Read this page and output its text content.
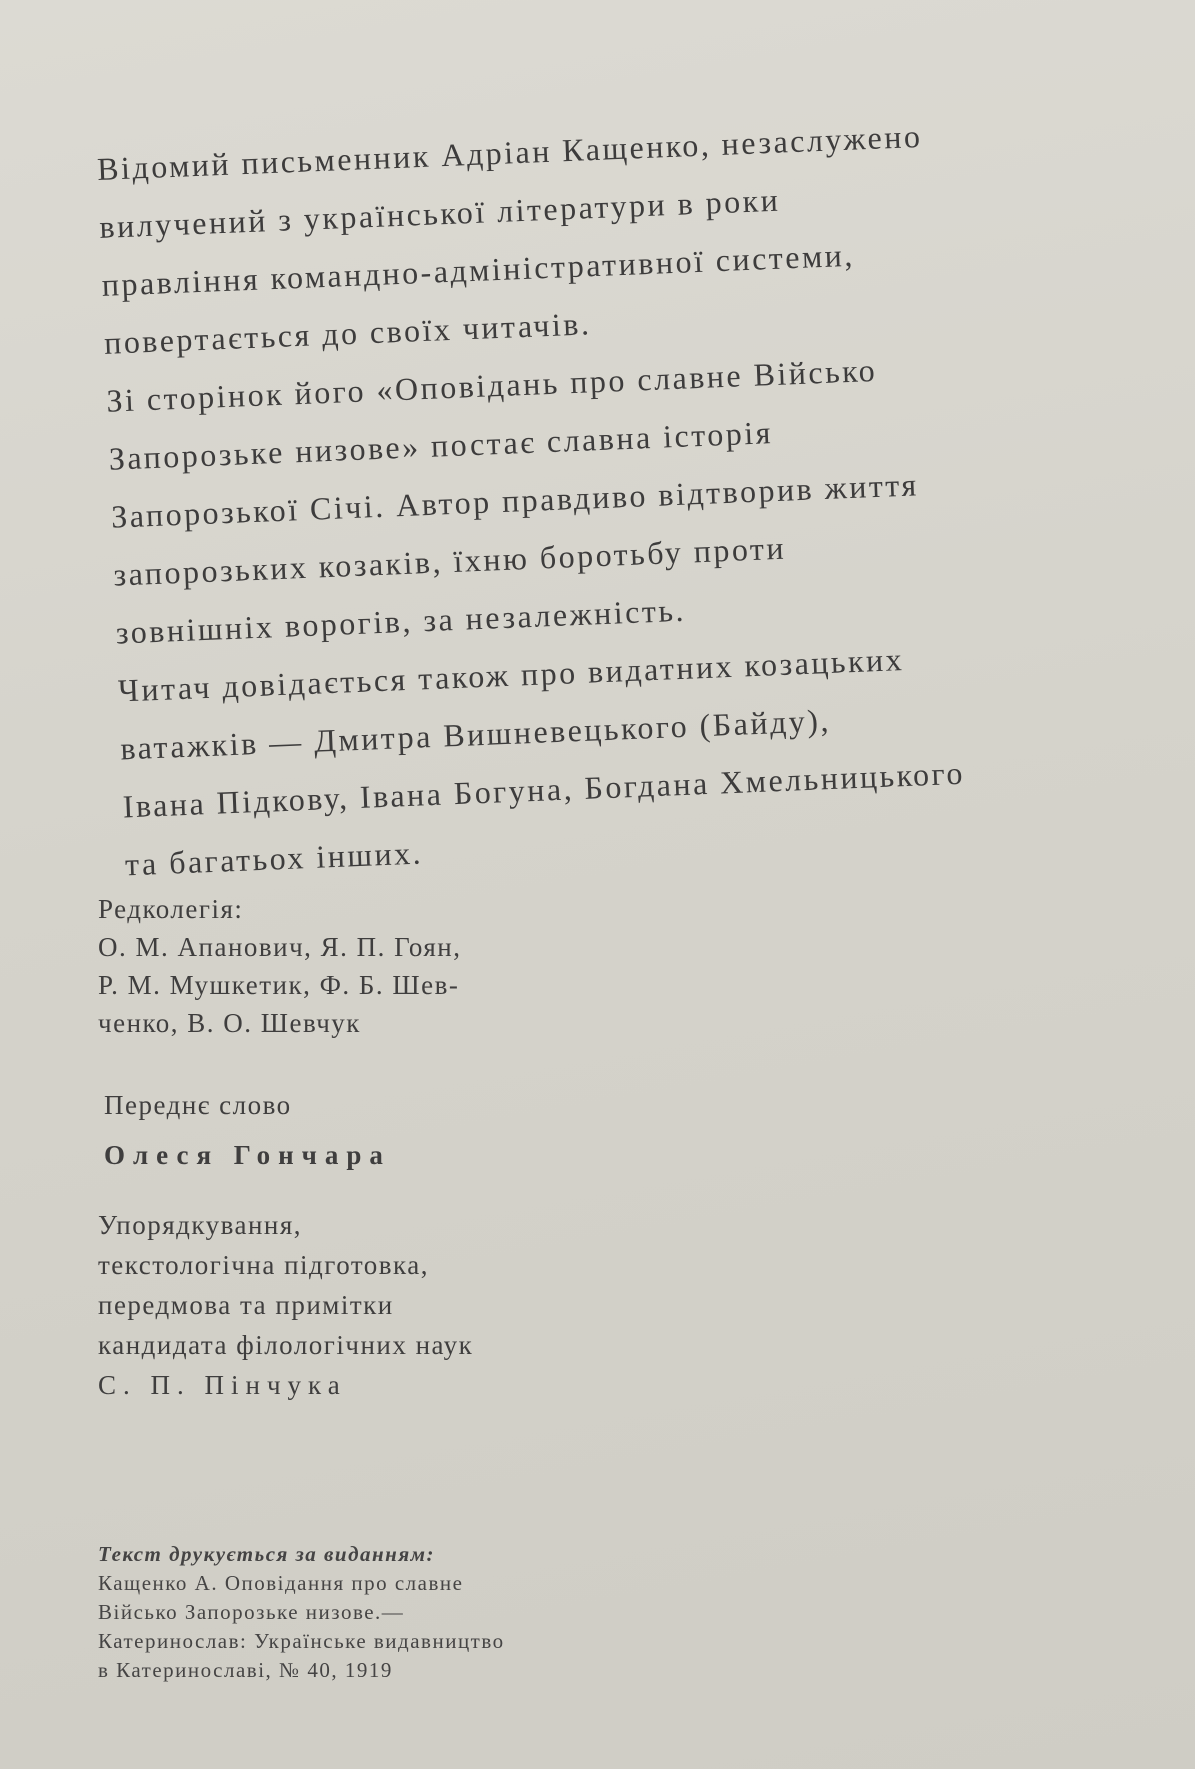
Відомий письменник Адріан Кащенко, незаслужено
вилучений з української літератури в роки
правління командно-адміністративної системи,
повертається до своїх читачів.
Зі сторінок його «Оповідань про славне Військо
Запорозьке низове» постає славна історія
Запорозької Січі. Автор правдиво відтворив життя
запорозьких козаків, їхню боротьбу проти
зовнішніх ворогів, за незалежність.
Читач довідається також про видатних козацьких
ватажків — Дмитра Вишневецького (Байду),
Івана Підкову, Івана Богуна, Богдана Хмельницького
та багатьох інших.
Редколегія:
О. М. Апанович, Я. П. Гоян,
Р. М. Мушкетик, Ф. Б. Шев-
ченко, В. О. Шевчук
Переднє слово
Олеся Гончара
Упорядкування,
текстологічна підготовка,
передмова та примітки
кандидата філологічних наук
С. П. Пінчука
Текст друкується за виданням:
Кащенко А. Оповідання про славне
Військо Запорозьке низове.—
Катеринослав: Українське видавництво
в Катеринославі, № 40, 1919
